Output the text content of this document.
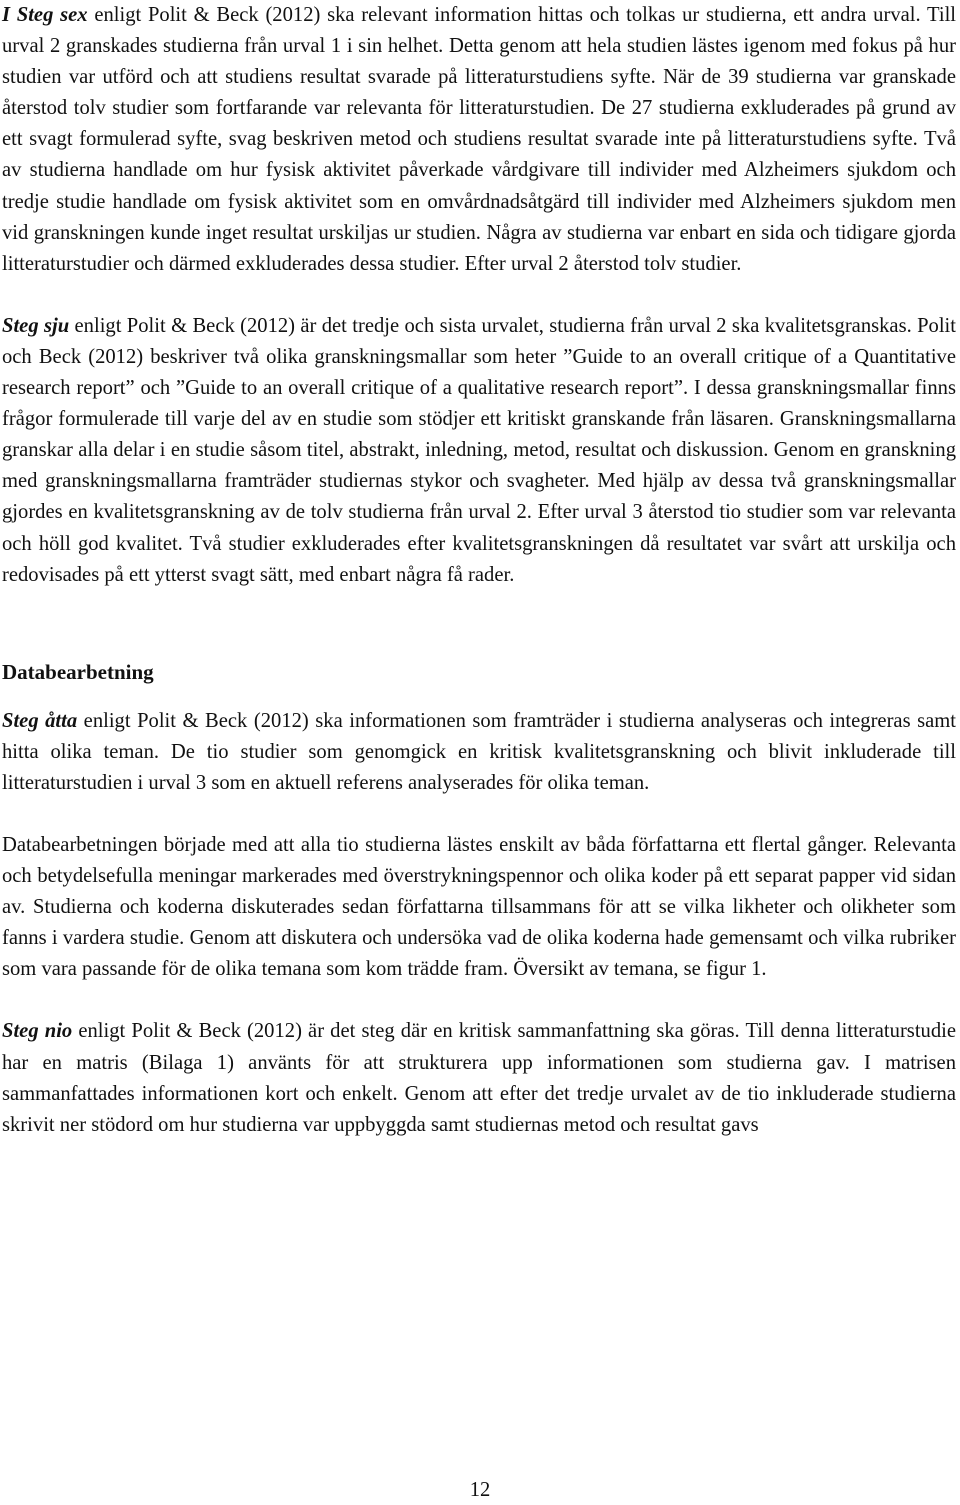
I Steg sex enligt Polit & Beck (2012) ska relevant information hittas och tolkas ur studierna, ett andra urval. Till urval 2 granskades studierna från urval 1 i sin helhet. Detta genom att hela studien lästes igenom med fokus på hur studien var utförd och att studiens resultat svarade på litteraturstudiens syfte. När de 39 studierna var granskade återstod tolv studier som fortfarande var relevanta för litteraturstudien. De 27 studierna exkluderades på grund av ett svagt formulerad syfte, svag beskriven metod och studiens resultat svarade inte på litteraturstudiens syfte. Två av studierna handlade om hur fysisk aktivitet påverkade vårdgivare till individer med Alzheimers sjukdom och tredje studie handlade om fysisk aktivitet som en omvårdnadsåtgärd till individer med Alzheimers sjukdom men vid granskningen kunde inget resultat urskiljas ur studien. Några av studierna var enbart en sida och tidigare gjorda litteraturstudier och därmed exkluderades dessa studier. Efter urval 2 återstod tolv studier.

Steg sju enligt Polit & Beck (2012) är det tredje och sista urvalet, studierna från urval 2 ska kvalitetsgranskas. Polit och Beck (2012) beskriver två olika granskningsmallar som heter ”Guide to an overall critique of a Quantitative research report” och ”Guide to an overall critique of a qualitative research report”. I dessa granskningsmallar finns frågor formulerade till varje del av en studie som stödjer ett kritiskt granskande från läsaren. Granskningsmallarna granskar alla delar i en studie såsom titel, abstrakt, inledning, metod, resultat och diskussion. Genom en granskning med granskningsmallarna framträder studiernas stykor och svagheter. Med hjälp av dessa två granskningsmallar gjordes en kvalitetsgranskning av de tolv studierna från urval 2. Efter urval 3 återstod tio studier som var relevanta och höll god kvalitet. Två studier exkluderades efter kvalitetsgranskningen då resultatet var svårt att urskilja och redovisades på ett ytterst svagt sätt, med enbart några få rader.

Databearbetning

Steg åtta enligt Polit & Beck (2012) ska informationen som framträder i studierna analyseras och integreras samt hitta olika teman. De tio studier som genomgick en kritisk kvalitetsgranskning och blivit inkluderade till litteraturstudien i urval 3 som en aktuell referens analyserades för olika teman.

Databearbetningen började med att alla tio studierna lästes enskilt av båda författarna ett flertal gånger. Relevanta och betydelsefulla meningar markerades med överstrykningspennor och olika koder på ett separat papper vid sidan av. Studierna och koderna diskuterades sedan författarna tillsammans för att se vilka likheter och olikheter som fanns i vardera studie. Genom att diskutera och undersöka vad de olika koderna hade gemensamt och vilka rubriker som vara passande för de olika temana som kom trädde fram. Översikt av temana, se figur 1.

Steg nio enligt Polit & Beck (2012) är det steg där en kritisk sammanfattning ska göras. Till denna litteraturstudie har en matris (Bilaga 1) använts för att strukturera upp informationen som studierna gav. I matrisen sammanfattades informationen kort och enkelt. Genom att efter det tredje urvalet av de tio inkluderade studierna skrivit ner stödord om hur studierna var uppbyggda samt studiernas metod och resultat gavs

12
